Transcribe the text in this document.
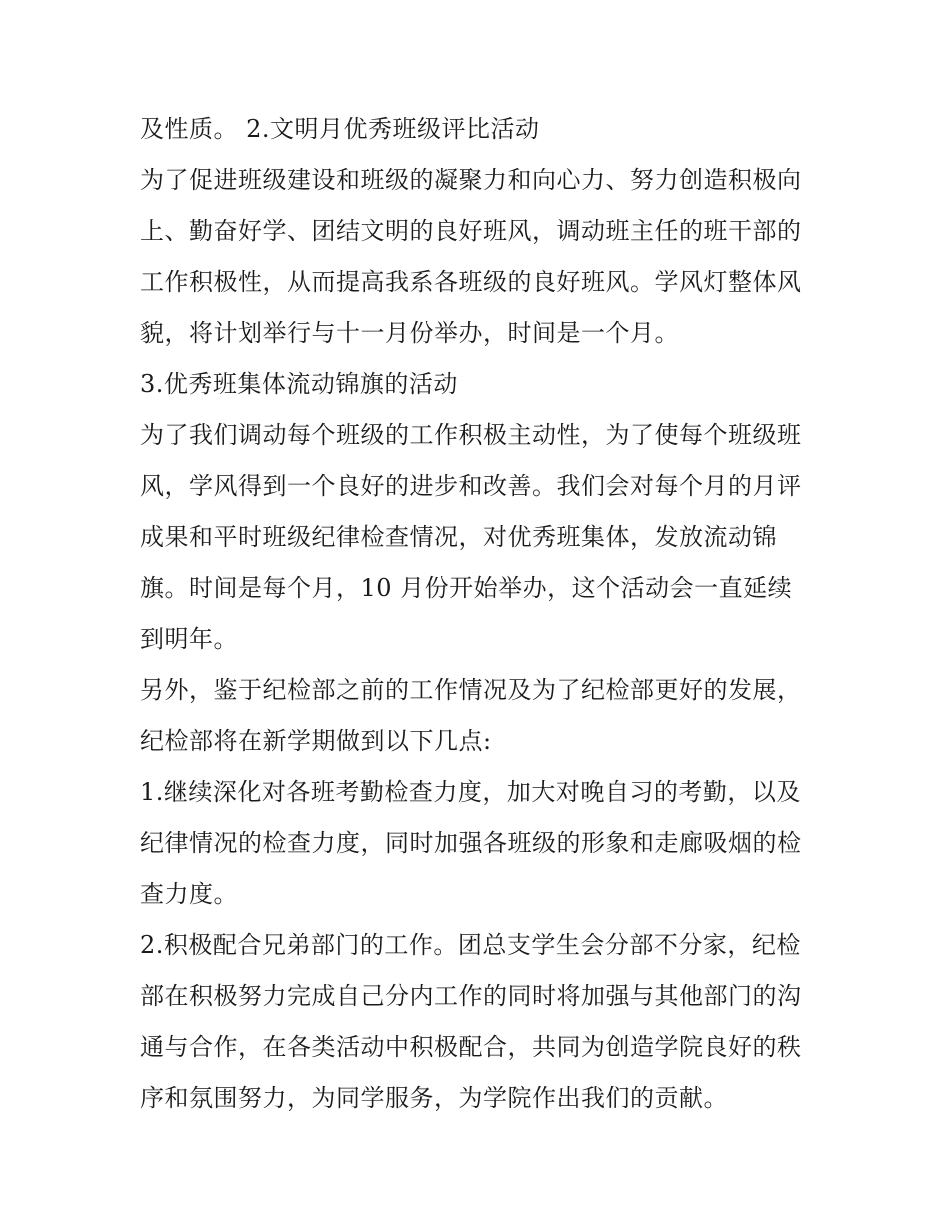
及性质。 2.文明月优秀班级评比活动
为了促进班级建设和班级的凝聚力和向心力、努力创造积极向
上、勤奋好学、团结文明的良好班风，调动班主任的班干部的
工作积极性，从而提高我系各班级的良好班风。学风灯整体风
貌，将计划举行与十一月份举办，时间是一个月。
3.优秀班集体流动锦旗的活动
为了我们调动每个班级的工作积极主动性，为了使每个班级班
风，学风得到一个良好的进步和改善。我们会对每个月的月评
成果和平时班级纪律检查情况，对优秀班集体，发放流动锦
旗。时间是每个月，10 月份开始举办，这个活动会一直延续
到明年。
另外，鉴于纪检部之前的工作情况及为了纪检部更好的发展，
纪检部将在新学期做到以下几点:
1.继续深化对各班考勤检查力度，加大对晚自习的考勤，以及
纪律情况的检查力度，同时加强各班级的形象和走廊吸烟的检
查力度。
2.积极配合兄弟部门的工作。团总支学生会分部不分家，纪检
部在积极努力完成自己分内工作的同时将加强与其他部门的沟
通与合作，在各类活动中积极配合，共同为创造学院良好的秩
序和氛围努力，为同学服务，为学院作出我们的贡献。
